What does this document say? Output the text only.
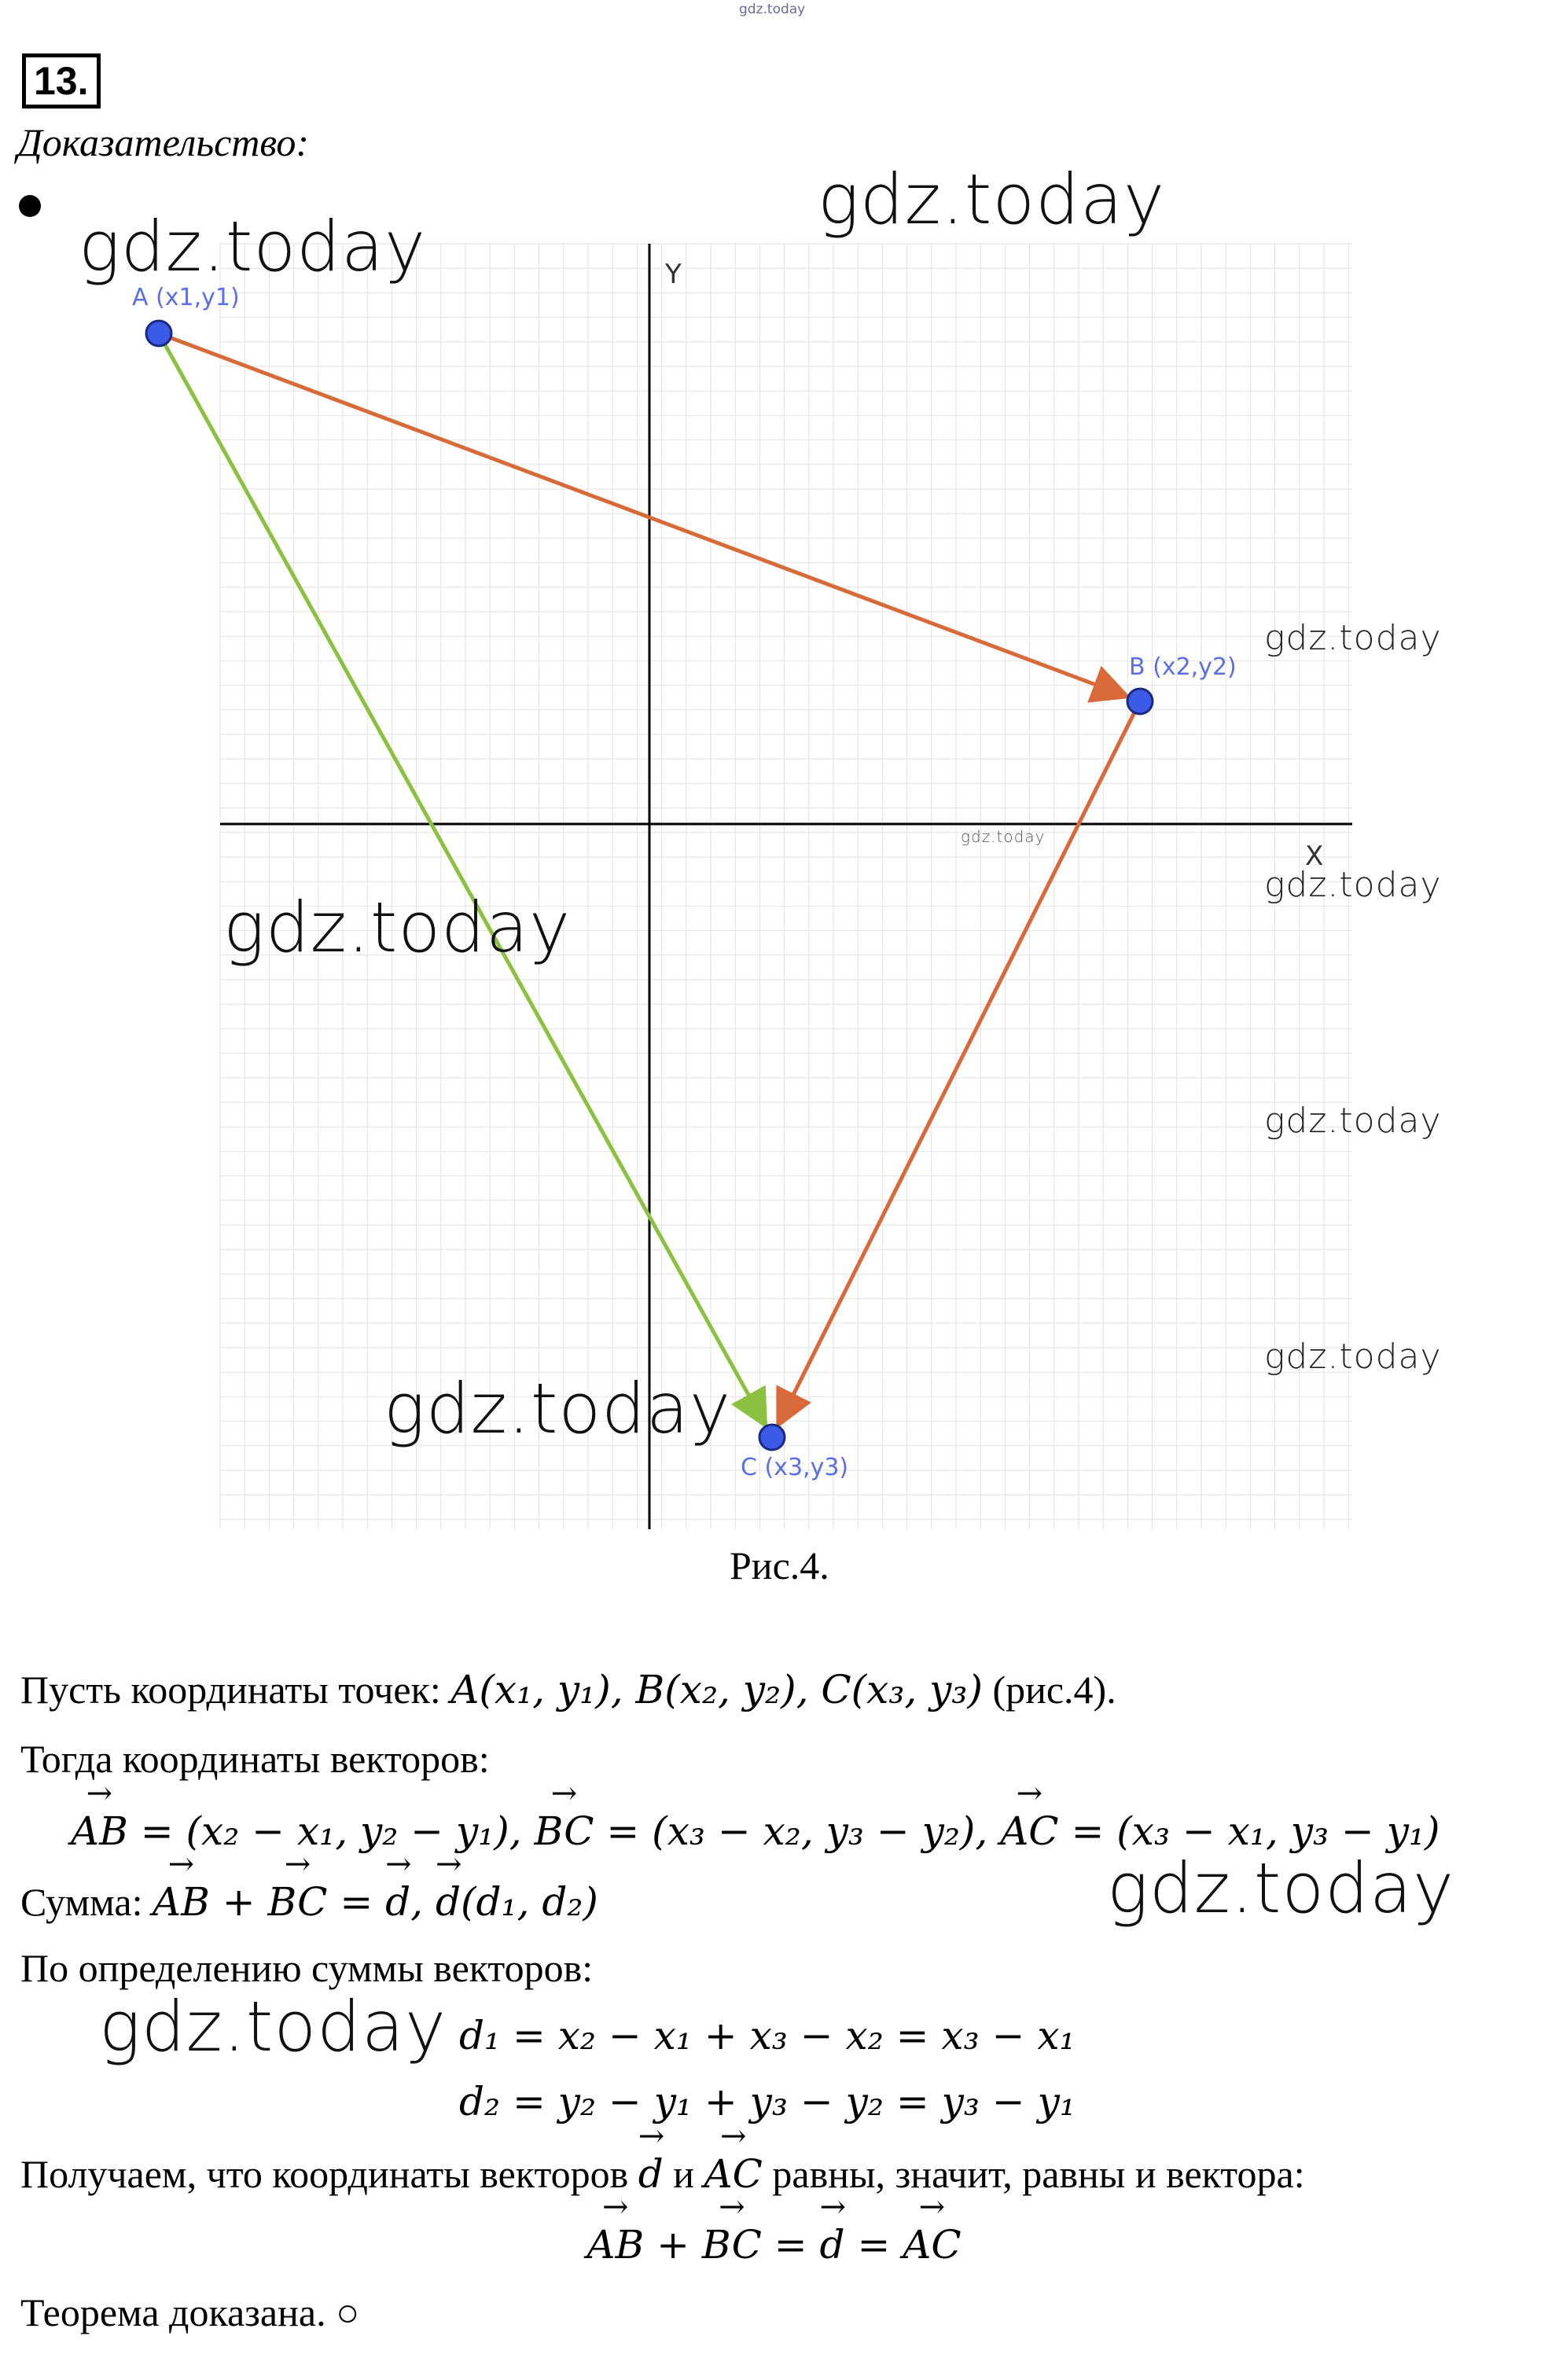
gdz.today
13.
Доказательство:
X
Y
A (x1,y1)
B (x2,y2)
C (x3,y3)
gdz.today
gdz.today
gdz.today
gdz.today
gdz.today
gdz.today
gdz.today
gdz.today
gdz.today
Рис.4.
Пусть координаты точек: A(x₁, y₁), B(x₂, y₂), C(x₃, y₃) (рис.4).
Тогда координаты векторов:
→ AB = (x₂ − x₁, y₂ − y₁), → BC = (x₃ − x₂, y₃ − y₂), → AC = (x₃ − x₁, y₃ − y₁)
Сумма: → AB + → BC = → d, → d(d₁, d₂)	gdz.today
По определению суммы векторов:
gdz.today d₁ = x₂ − x₁ + x₃ − x₂ = x₃ − x₁
d₂ = y₂ − y₁ + y₃ − y₂ = y₃ − y₁
Получаем, что координаты векторов → d и → AC равны, значит, равны и вектора:
→ AB + → BC = → d = → AC
Теорема доказана. ○
